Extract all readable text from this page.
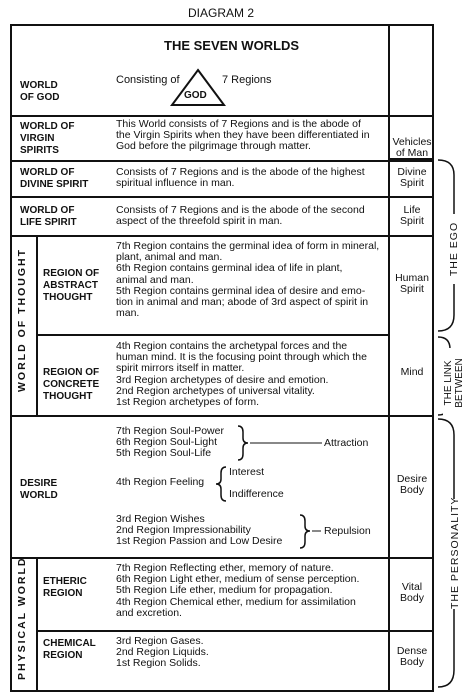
DIAGRAM 2
THE SEVEN WORLDS
WORLD
OF GOD
Consisting of	7 Regions
GOD
WORLD OF
VIRGIN
SPIRITS
This World consists of 7 Regions and is the abode of
the Virgin Spirits when they have been differentiated in
God before the pilgrimage through matter.	Vehicles
of Man
WORLD OF
DIVINE SPIRIT
Consists of 7 Regions and is the abode of the highest
spiritual influence in man.
Divine
Spirit
WORLD OF
LIFE SPIRIT
Consists of 7 Regions and is the abode of the second
aspect of the threefold spirit in man.
Life
Spirit
WORLD OF THOUGHT REGION OF
ABSTRACT
THOUGHT
7th Region contains the germinal idea of form in mineral,
plant, animal and man.
6th Region contains germinal idea of life in plant,
animal and man.
5th Region contains germinal idea of desire and emo-
tion in animal and man; abode of 3rd aspect of spirit in
man.
Human
Spirit
REGION OF
CONCRETE
THOUGHT
4th Region contains the archetypal forces and the
human mind. It is the focusing point through which the
spirit mirrors itself in matter.
3rd Region archetypes of desire and emotion.
2nd Region archetypes of universal vitality.
1st Region archetypes of form.
Mind
DESIRE
WORLD
7th Region Soul-Power
6th Region Soul-Light
5th Region Soul-Life
Attraction
4th Region Feeling
Interest
Indifference
3rd Region Wishes
2nd Region Impressionability
1st Region Passion and Low Desire
Repulsion
Desire
Body
PHYSICAL WORLD ETHERIC
REGION
7th Region Reflecting ether, memory of nature.
6th Region Light ether, medium of sense perception.
5th Region Life ether, medium for propagation.
4th Region Chemical ether, medium for assimilation
and excretion.
Vital
Body
CHEMICAL
REGION
3rd Region Gases.
2nd Region Liquids.
1st Region Solids.
Dense
Body
THE EGO
THE LINK BETWEEN
THE PERSONALITY
